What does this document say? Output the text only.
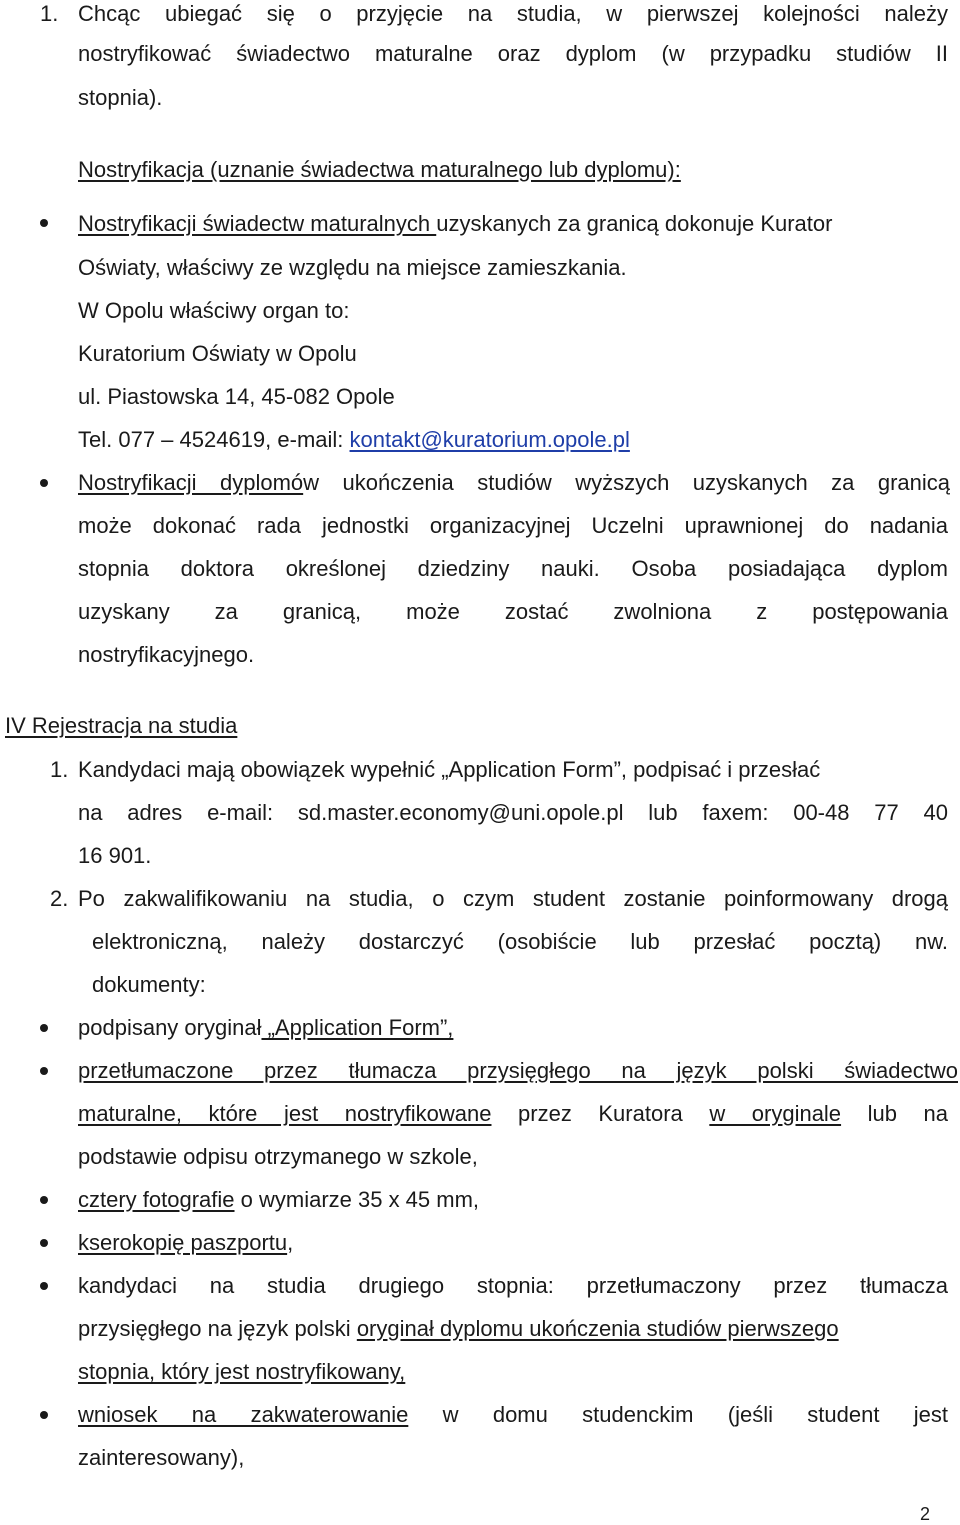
1. Chcąc ubiegać się o przyjęcie na studia, w pierwszej kolejności należy
nostryfikować świadectwo maturalne oraz dyplom (w przypadku studiów II
stopnia).
Nostryfikacja (uznanie świadectwa maturalnego lub dyplomu):
Nostryfikacji świadectw maturalnych uzyskanych za granicą dokonuje Kurator
Oświaty, właściwy ze względu na miejsce zamieszkania.
W Opolu właściwy organ to:
Kuratorium Oświaty w Opolu
ul. Piastowska 14, 45-082 Opole
Tel. 077 – 4524619, e-mail: kontakt@kuratorium.opole.pl
Nostryfikacji dyplomów ukończenia studiów wyższych uzyskanych za granicą
może dokonać rada jednostki organizacyjnej Uczelni uprawnionej do nadania
stopnia doktora określonej dziedziny nauki. Osoba posiadająca dyplom
uzyskany za granicą, może zostać zwolniona z postępowania
nostryfikacyjnego.
IV Rejestracja na studia
1. Kandydaci mają obowiązek wypełnić „Application Form”, podpisać i przesłać
na adres e-mail: sd.master.economy@uni.opole.pl lub faxem: 00-48 77 40
16 901.
2. Po zakwalifikowaniu na studia, o czym student zostanie poinformowany drogą
elektroniczną, należy dostarczyć (osobiście lub przesłać pocztą) nw.
dokumenty:
podpisany oryginał „Application Form”,
przetłumaczone przez tłumacza przysięgłego na język polski świadectwo
maturalne, które jest nostryfikowane przez Kuratora w oryginale lub na
podstawie odpisu otrzymanego w szkole,
cztery fotografie o wymiarze 35 x 45 mm,
kserokopię paszportu,
kandydaci na studia drugiego stopnia: przetłumaczony przez tłumacza
przysięgłego na język polski oryginał dyplomu ukończenia studiów pierwszego
stopnia, który jest nostryfikowany,
wniosek na zakwaterowanie w domu studenckim (jeśli student jest
zainteresowany),
2
